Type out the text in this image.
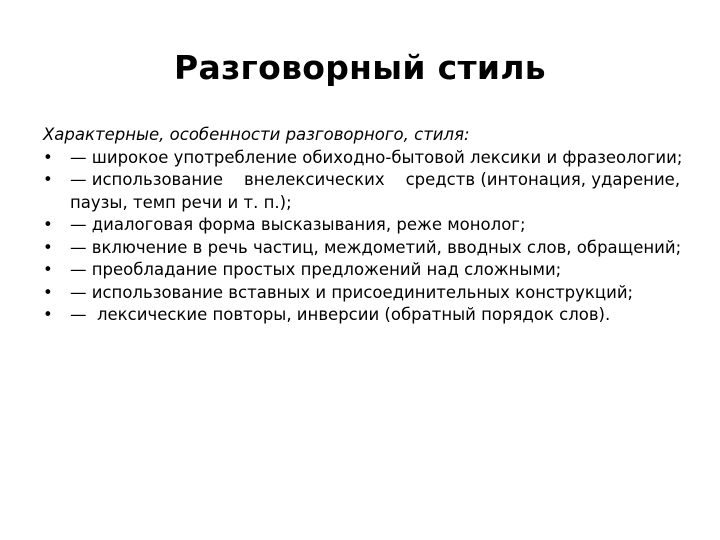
Разговорный стиль

Характерные, особенности разговорного, стиля:

• — широкое употребление обиходно-бытовой лексики и фразеологии;
• — использование    внелексических    средств (интонация, ударение, паузы, темп речи и т. п.);
• — диалоговая форма высказывания, реже монолог;
• — включение в речь частиц, междометий, вводных слов, обращений;
• — преобладание простых предложений над сложными;
• — использование вставных и присоединительных конструкций;
• —  лексические повторы, инверсии (обратный порядок слов).
